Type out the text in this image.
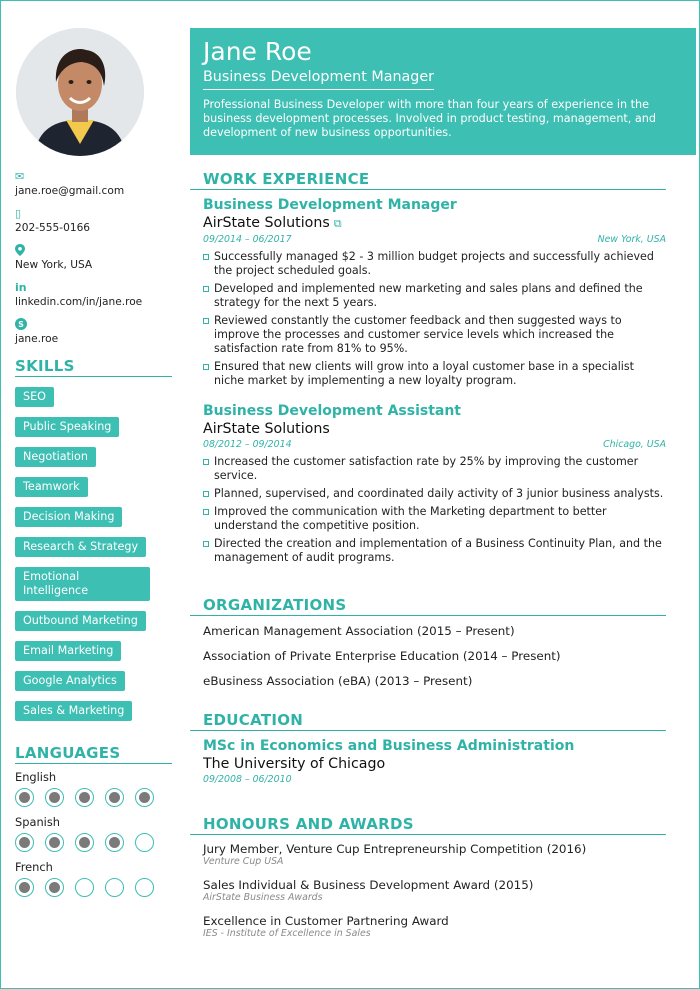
✉
jane.roe@gmail.com
▯
202-555-0166
New York, USA
in
linkedin.com/in/jane.roe
S
jane.roe
SKILLS
SEO
Public Speaking
Negotiation
Teamwork
Decision Making
Research & Strategy
Emotional Intelligence
Outbound Marketing
Email Marketing
Google Analytics
Sales & Marketing
LANGUAGES
English
Spanish
French
Jane Roe
Business Development Manager
Professional Business Developer with more than four years of experience in the business development processes. Involved in product testing, management, and development of new business opportunities.
WORK EXPERIENCE
Business Development Manager
AirState Solutions ⧉
09/2014 – 06/2017	New York, USA
Successfully managed $2 - 3 million budget projects and successfully achieved the project scheduled goals.
Developed and implemented new marketing and sales plans and defined the strategy for the next 5 years.
Reviewed constantly the customer feedback and then suggested ways to improve the processes and customer service levels which increased the satisfaction rate from 81% to 95%.
Ensured that new clients will grow into a loyal customer base in a specialist niche market by implementing a new loyalty program.
Business Development Assistant
AirState Solutions
08/2012 – 09/2014	Chicago, USA
Increased the customer satisfaction rate by 25% by improving the customer service.
Planned, supervised, and coordinated daily activity of 3 junior business analysts.
Improved the communication with the Marketing department to better understand the competitive position.
Directed the creation and implementation of a Business Continuity Plan, and the management of audit programs.
ORGANIZATIONS
American Management Association (2015 – Present)
Association of Private Enterprise Education (2014 – Present)
eBusiness Association (eBA) (2013 – Present)
EDUCATION
MSc in Economics and Business Administration
The University of Chicago
09/2008 – 06/2010
HONOURS AND AWARDS
Jury Member, Venture Cup Entrepreneurship Competition (2016)
Venture Cup USA
Sales Individual & Business Development Award (2015)
AirState Business Awards
Excellence in Customer Partnering Award
IES - Institute of Excellence in Sales
